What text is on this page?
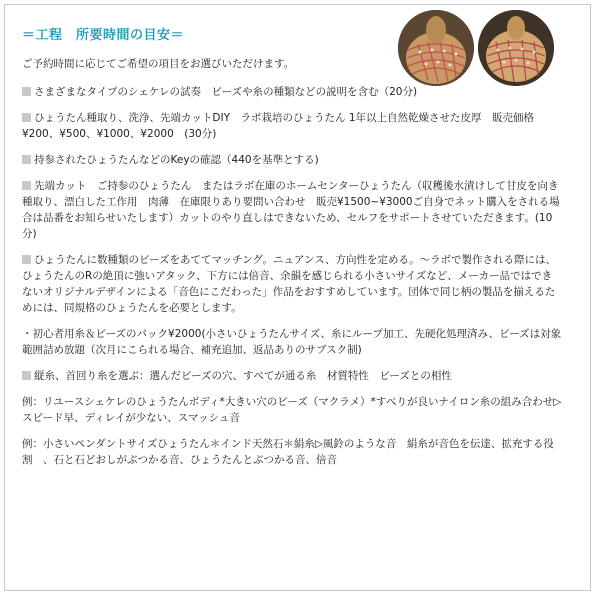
＝工程　所要時間の目安＝
ご予約時間に応じてご希望の項目をお選びいただけます。
さまざまなタイプのシェケレの試奏　ビーズや糸の種類などの説明を含む（20分)
ひょうたん種取り、洗浄、先端カットDIY　ラボ栽培のひょうたん 1年以上自然乾燥させた皮厚　販売価格　¥200、¥500、¥1000、¥2000　(30分)
持参されたひょうたんなどのKeyの確認（440を基準とする)
先端カット　ご持参のひょうたん　またはラボ在庫のホームセンターひょうたん（収穫後水漬けして甘皮を向き種取り、漂白した工作用　肉薄　在庫限りあり要問い合わせ　販売¥1500~¥3000ご自身でネット購入をされる場合は品番をお知らせいたします）カットのやり直しはできないため、セルフをサポートさせていただきます。(10分)
ひょうたんに数種類のビーズをあててマッチング。ニュアンス、方向性を定める。～ラボで製作される際には、ひょうたんのRの絶頂に強いアタック、下方には倍音、余韻を感じられる小さいサイズなど、メーカー品ではできないオリジナルデザインによる「音色にこだわった」作品をおすすめしています。団体で同じ柄の製品を揃えるためには、同規格のひょうたんを必要とします。
・初心者用糸＆ビーズのパック¥2000(小さいひょうたんサイズ、糸にループ加工、先硬化処理済み、ビーズは対象範囲詰め放題（次月にこられる場合、補充追加、返品ありのサブスク制)
縦糸、首回り糸を選ぶ：選んだビーズの穴、すべてが通る糸　材質特性　ビーズとの相性
例：リユースシェケレのひょうたんボディ*大きい穴のビーズ（マクラメ）*すべりが良いナイロン糸の組み合わせ▷スピード早、ディレイが少ない、スマッシュ音
例：小さいペンダントサイズひょうたん＊インド天然石＊絹糸▷風鈴のような音　絹糸が音色を伝達、拡充する役割　、石と石どおしがぶつかる音、ひょうたんとぶつかる音、倍音
